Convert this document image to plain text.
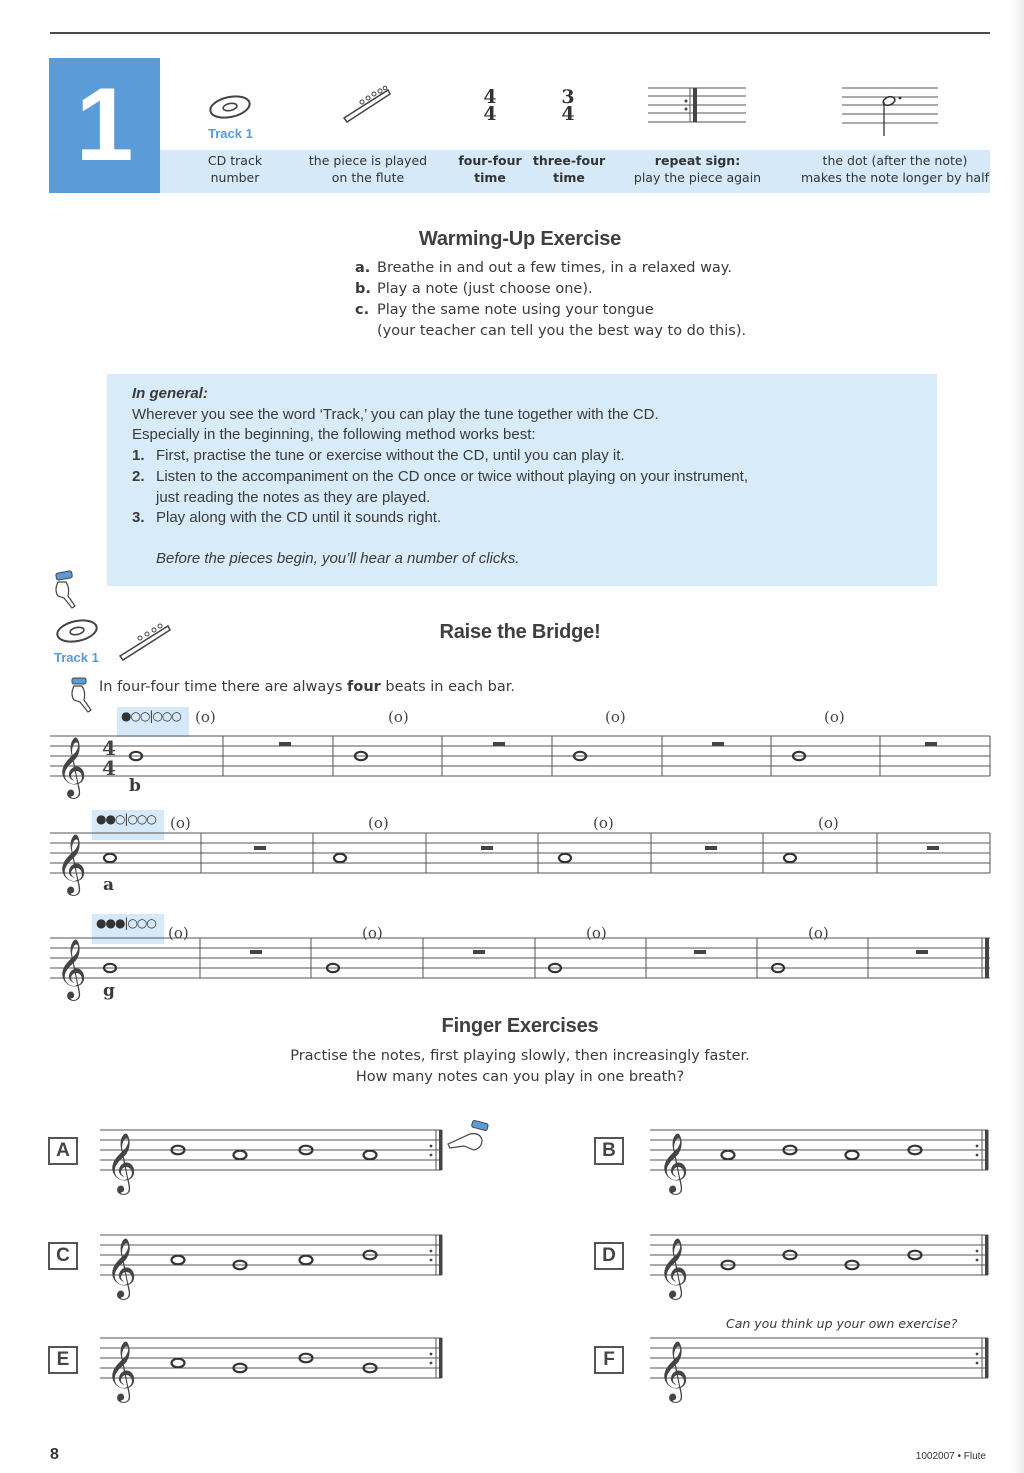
1	Track 1
4
4
3
4
CD track
number
the piece is played
on the flute
four-four
time
three-four
time
repeat sign:
play the piece again
the dot (after the note)
makes the note longer by half
Warming-Up Exercise
a. Breathe in and out a few times, in a relaxed way.
b. Play a note (just choose one).
c. Play the same note using your tongue
(your teacher can tell you the best way to do this).
In general:
Wherever you see the word ‘Track,’ you can play the tune together with the CD.
Especially in the beginning, the following method works best:
1. First, practise the tune or exercise without the CD, until you can play it.
2. Listen to the accompaniment on the CD once or twice without playing on your instrument,
just reading the notes as they are played.
3. Play along with the CD until it sounds right.
Before the pieces begin, you’ll hear a number of clicks.
Track 1
Raise the Bridge!
In four-four time there are always four beats in each bar.
●○○|○○○
𝄞 4
4
(o)	(o)	(o)	(o)
b
●●○|○○○
𝄞
(o)	(o)	(o)	(o)
a
●●●|○○○
𝄞
(o)	(o)	(o)	(o)
g
Finger Exercises
Practise the notes, first playing slowly, then increasingly faster.
How many notes can you play in one breath?
A 𝄞	B 𝄞
C 𝄞	D 𝄞
E 𝄞
Can you think up your own exercise?
F 𝄞
8	1002007 • Flute
